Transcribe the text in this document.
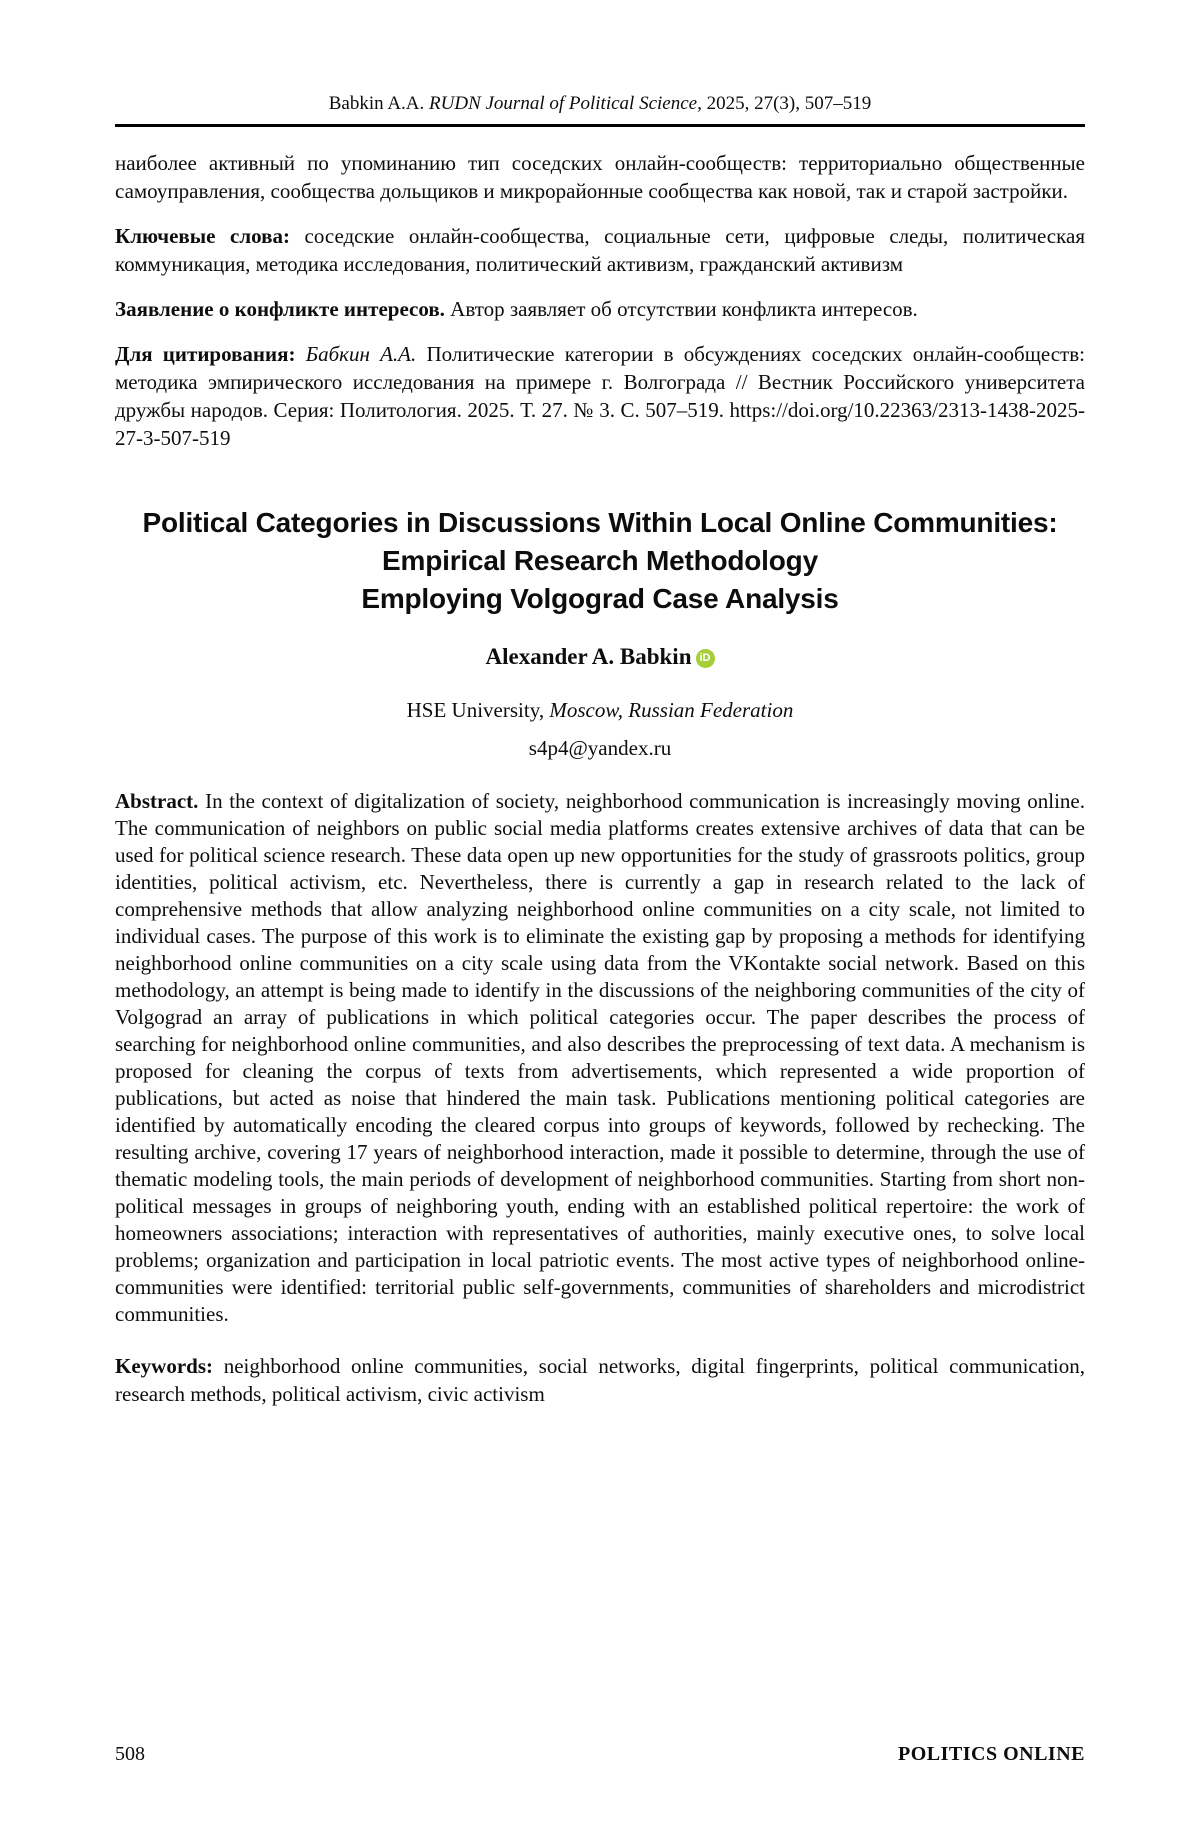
Babkin A.A. RUDN Journal of Political Science, 2025, 27(3), 507–519

наиболее активный по упоминанию тип соседских онлайн-сообществ: территориально общественные самоуправления, сообщества дольщиков и микрорайонные сообщества как новой, так и старой застройки.

Ключевые слова: соседские онлайн-сообщества, социальные сети, цифровые следы, политическая коммуникация, методика исследования, политический активизм, гражданский активизм

Заявление о конфликте интересов. Автор заявляет об отсутствии конфликта интересов.

Для цитирования: Бабкин А.А. Политические категории в обсуждениях соседских онлайн-сообществ: методика эмпирического исследования на примере г. Волгограда // Вестник Российского университета дружбы народов. Серия: Политология. 2025. Т. 27. № 3. С. 507–519. https://doi.org/10.22363/2313-1438-2025-27-3-507-519

Political Categories in Discussions Within Local Online Communities:
Empirical Research Methodology
Employing Volgograd Case Analysis
Alexander A. Babkin iD
HSE University, Moscow, Russian Federation
s4p4@yandex.ru

Abstract. In the context of digitalization of society, neighborhood communication is increasingly moving online. The communication of neighbors on public social media platforms creates extensive archives of data that can be used for political science research. These data open up new opportunities for the study of grassroots politics, group identities, political activism, etc. Nevertheless, there is currently a gap in research related to the lack of comprehensive methods that allow analyzing neighborhood online communities on a city scale, not limited to individual cases. The purpose of this work is to eliminate the existing gap by proposing a methods for identifying neighborhood online communities on a city scale using data from the VKontakte social network. Based on this methodology, an attempt is being made to identify in the discussions of the neighboring communities of the city of Volgograd an array of publications in which political categories occur. The paper describes the process of searching for neighborhood online communities, and also describes the preprocessing of text data. A mechanism is proposed for cleaning the corpus of texts from advertisements, which represented a wide proportion of publications, but acted as noise that hindered the main task. Publications mentioning political categories are identified by automatically encoding the cleared corpus into groups of keywords, followed by rechecking. The resulting archive, covering 17 years of neighborhood interaction, made it possible to determine, through the use of thematic modeling tools, the main periods of development of neighborhood communities. Starting from short non-political messages in groups of neighboring youth, ending with an established political repertoire: the work of homeowners associations; interaction with representatives of authorities, mainly executive ones, to solve local problems; organization and participation in local patriotic events. The most active types of neighborhood online-communities were identified: territorial public self-governments, communities of shareholders and microdistrict communities.

Keywords: neighborhood online communities, social networks, digital fingerprints, political communication, research methods, political activism, civic activism

508	POLITICS ONLINE
